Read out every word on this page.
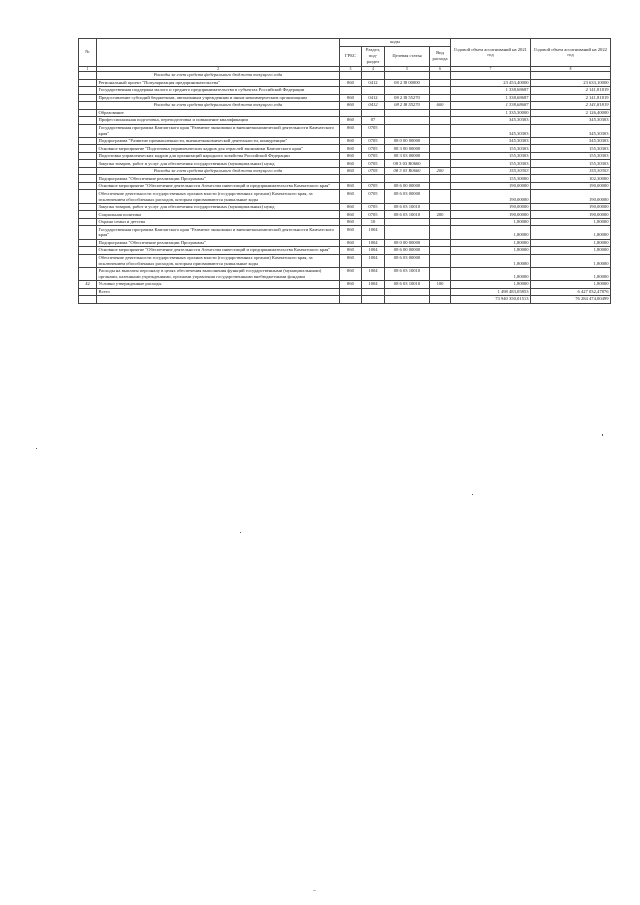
№		коды				Годовой объем ассигнований на 2021 год	Годовой объем ассигнований на 2022 год
		ГРБС	Раздел, под-раздел	Целевая статья	Вид расхода		
1	2	3	4	5	6	7	8
	Расходы за счет средств федерального бюджета текущего года						
	Региональный проект "Популяризация предпринимательства"	860	0412	08 2 I8 00000		23 453,40000	23 633,10000
	Государственная поддержка малого и среднего предпринимательства в субъектах Российской Федерации					1 338,68687	2 141,81819
	Предоставление субсидий бюджетным, автономным учреждениям и иным некоммерческим организациям	860	0412	08 2 I8 55270		1 338,68687	2 141,81819
	Расходы за счет средств федерального бюджета текущего года	860	0412	08 2 I8 55270	600	1 338,68687	2 141,81819
	Образование					1 335,30000	2 126,40000
	Профессиональная подготовка, переподготовка и повышение квалификации	860	07			345,30303	345,30303
	Государственная программа Камчатского края "Развитие экономики и внешнеэкономической деятельности Камчатского края"	860	0705			345,30303	345,30303
	Подпрограмма "Развитие промышленности, внешнеэкономической деятельности, конкуренции"	860	0705	08 0 00 00000		345,30303	345,30303
	Основное мероприятие "Подготовка управленческих кадров для отраслей экономики Камчатского края"	860	0705	08 3 00 00000		155,30303	155,30303
	Подготовка управленческих кадров для организаций народного хозяйства Российской Федерации	860	0705	08 3 03 00000		155,30303	155,30303
	Закупка товаров, работ и услуг для обеспечения государственных (муниципальных) нужд	860	0705	08 3 03 R0660		155,30303	155,30303
	Расходы за счет средств федерального бюджета текущего года	860	0705	08 3 03 R0660	200	155,30303	155,30303
	Подпрограмма "Обеспечение реализации Программы"					155,30000	102,30000
	Основное мероприятие "Обеспечение деятельности Агентства инвестиций и предпринимательства Камчатского края"	860	0705	08 6 00 00000		190,00000	190,00000
	Обеспечение деятельности государственных органов власти (государственных органов) Камчатского края, за исключением обособленных расходов, которым присваиваются уникальные коды	860	0705	08 6 03 00000		190,00000	190,00000
	Закупка товаров, работ и услуг для обеспечения государственных (муниципальных) нужд	860	0705	08 6 03 10010		190,00000	190,00000
	Социальная политика	860	0705	08 6 03 10010	200	190,00000	190,00000
	Охрана семьи и детства	860	10			1,80000	1,80000
	Государственная программа Камчатского края "Развитие экономики и внешнеэкономической деятельности Камчатского края"	860	1004			1,80000	1,80000
	Подпрограмма "Обеспечение реализации Программы"	860	1004	08 0 00 00000		1,80000	1,80000
	Основное мероприятие "Обеспечение деятельности Агентства инвестиций и предпринимательства Камчатского края"	860	1004	08 6 00 00000		1,80000	1,80000
	Обеспечение деятельности государственных органов власти (государственных органов) Камчатского края, за исключением обособленных расходов, которым присваиваются уникальные коды	860	1004	08 6 03 00000		1,80000	1,80000
	Расходы на выплаты персоналу в целях обеспечения выполнения функций государственными (муниципальными) органами, казенными учреждениями, органами управления государственными внебюджетными фондами	860	1004	08 6 03 10010		1,80000	1,80000
42	Условно утвержденные расходы	860	1004	08 6 03 10010	100	1,80000	1,80000
	Всего					1 498 483,05853	6 427 032,47876
						73 940 350,01513	76 284 474,00499
–
